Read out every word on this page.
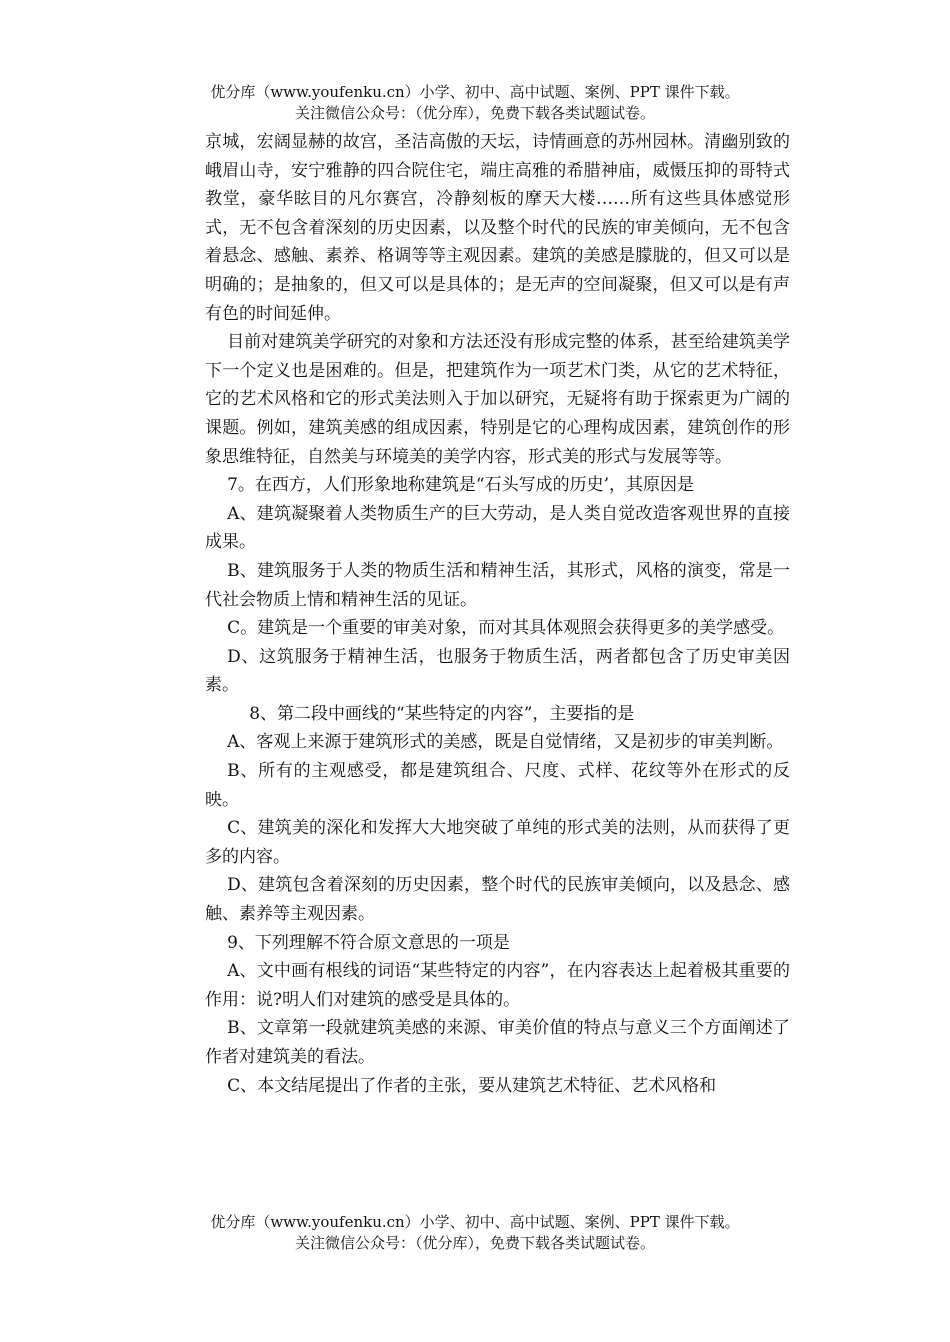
优分库（www.youfenku.cn）小学、初中、高中试题、案例、PPT 课件下载。
关注微信公众号：（优分库），免费下载各类试题试卷。

京城，宏阔显赫的故宫，圣洁高傲的天坛，诗情画意的苏州园林。清幽别致的峨眉山寺，安宁雅静的四合院住宅，端庄高雅的希腊神庙，威慑压抑的哥特式教堂，豪华眩目的凡尔赛宫，冷静刻板的摩天大楼……所有这些具体感觉形式，无不包含着深刻的历史因素，以及整个时代的民族的审美倾向，无不包含着悬念、感触、素养、格调等等主观因素。建筑的美感是朦胧的，但又可以是明确的；是抽象的，但又可以是具体的；是无声的空间凝聚，但又可以是有声有色的时间延伸。

目前对建筑美学研究的对象和方法还没有形成完整的体系，甚至给建筑美学下一个定义也是困难的。但是，把建筑作为一项艺术门类，从它的艺术特征，它的艺术风格和它的形式美法则入于加以研究，无疑将有助于探索更为广阔的课题。例如，建筑美感的组成因素，特别是它的心理构成因素，建筑创作的形象思维特征，自然美与环境美的美学内容，形式美的形式与发展等等。

7。在西方，人们形象地称建筑是“石头写成的历史’，其原因是

A、建筑凝聚着人类物质生产的巨大劳动，是人类自觉改造客观世界的直接成果。

B、建筑服务于人类的物质生活和精神生活，其形式，风格的演变，常是一代社会物质上情和精神生活的见证。

C。建筑是一个重要的审美对象，而对其具体观照会获得更多的美学感受。

D、这筑服务于精神生活，也服务于物质生活，两者都包含了历史审美因素。

8、第二段中画线的“某些特定的内容”，主要指的是

A、客观上来源于建筑形式的美感，既是自觉情绪，又是初步的审美判断。

B、所有的主观感受，都是建筑组合、尺度、式样、花纹等外在形式的反映。

C、建筑美的深化和发挥大大地突破了单纯的形式美的法则，从而获得了更多的内容。

D、建筑包含着深刻的历史因素，整个时代的民族审美倾向，以及悬念、感触、素养等主观因素。

9、下列理解不符合原文意思的一项是

A、文中画有根线的词语“某些特定的内容”，在内容表达上起着极其重要的作用：说?明人们对建筑的感受是具体的。

B、文章第一段就建筑美感的来源、审美价值的特点与意义三个方面阐述了作者对建筑美的看法。

C、本文结尾提出了作者的主张，要从建筑艺术特征、艺术风格和

优分库（www.youfenku.cn）小学、初中、高中试题、案例、PPT 课件下载。
关注微信公众号：（优分库），免费下载各类试题试卷。
